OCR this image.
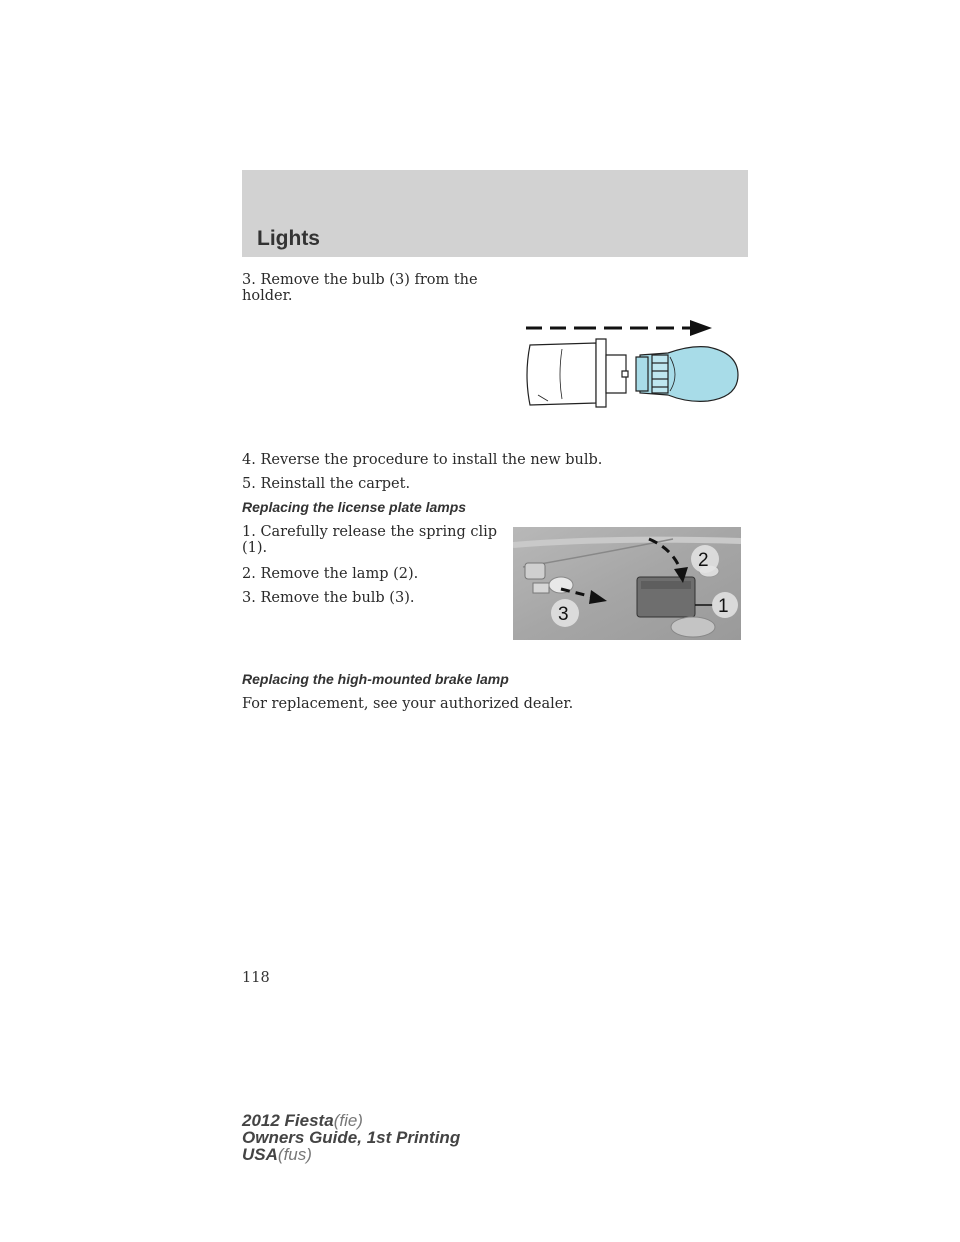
Lights
3. Remove the bulb (3) from the
holder.
4. Reverse the procedure to install the new bulb.
5. Reinstall the carpet.
Replacing the license plate lamps
1. Carefully release the spring clip
(1).
2. Remove the lamp (2).
3. Remove the bulb (3).
2
3	1
Replacing the high-mounted brake lamp
For replacement, see your authorized dealer.
118
2012 Fiesta(fie)
Owners Guide, 1st Printing
USA(fus)
